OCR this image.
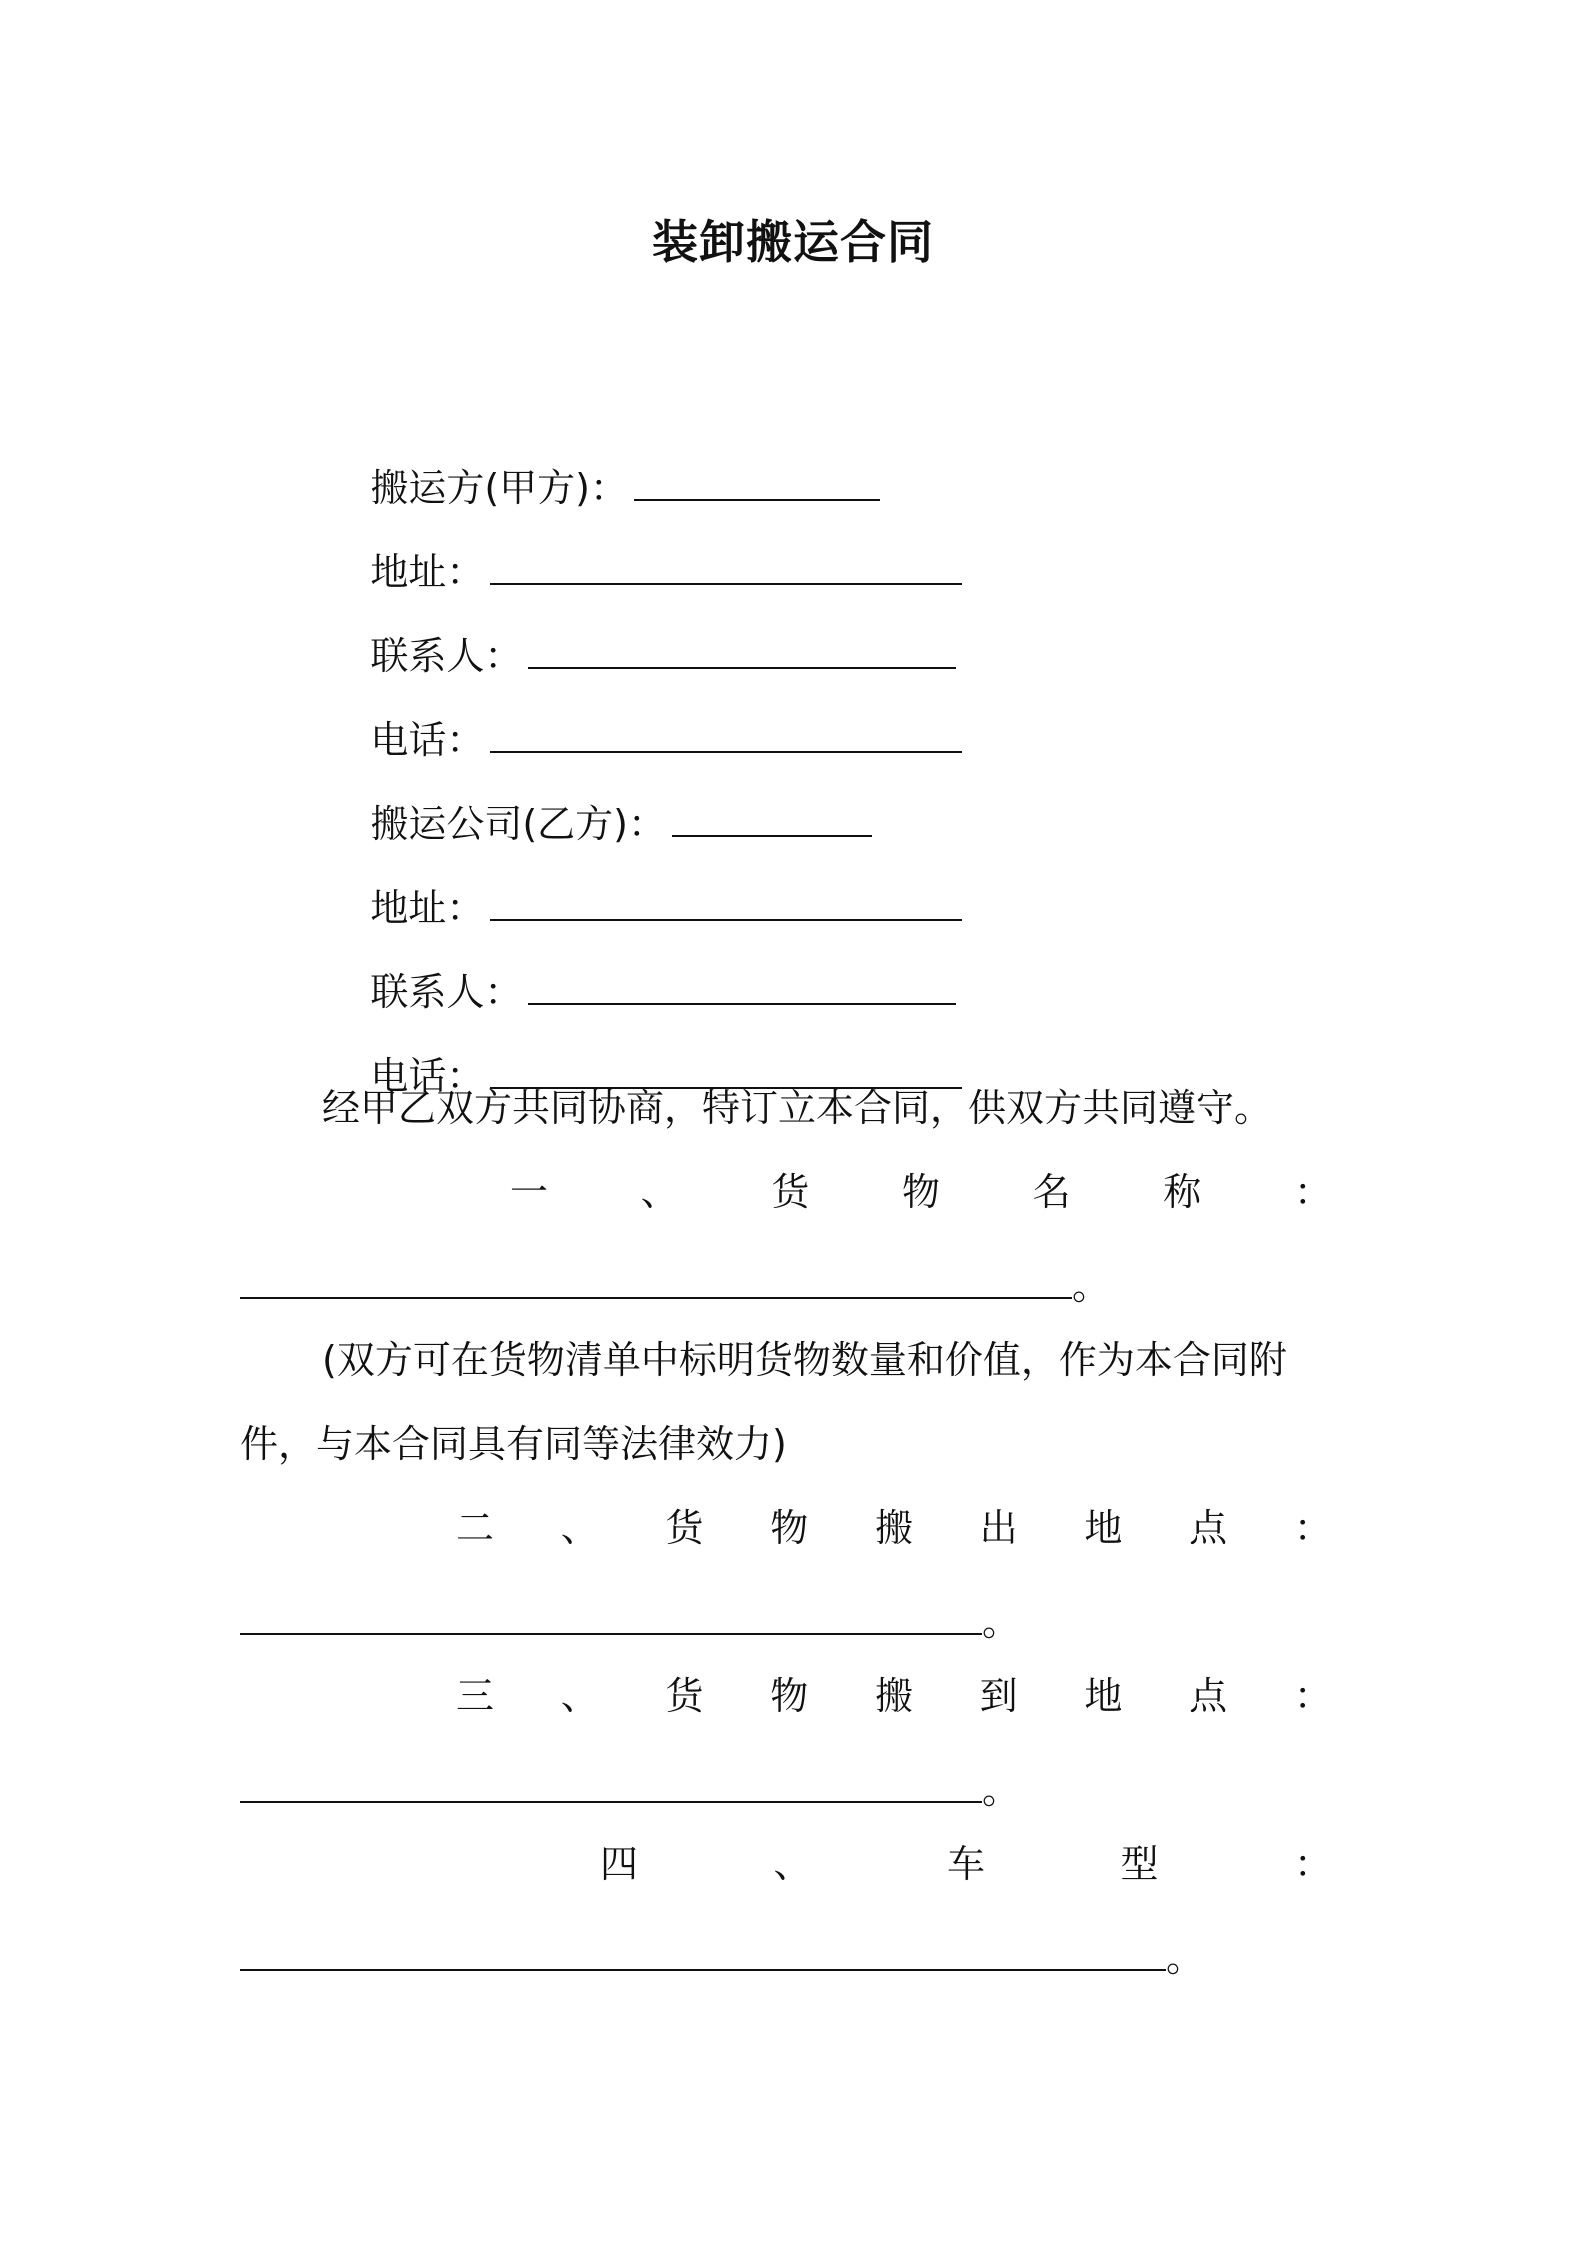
装卸搬运合同

搬运方(甲方)：

地址：

联系人：

电话：

搬运公司(乙方)：

地址：

联系人：

电话：

经甲乙双方共同协商，特订立本合同，供双方共同遵守。
一 、 货 物 名 称 ：
。
(双方可在货物清单中标明货物数量和价值，作为本合同附
件，与本合同具有同等法律效力)
二 、 货 物 搬 出 地 点 ：
。
三 、 货 物 搬 到 地 点 ：
。
四	、	车	型	：
。
